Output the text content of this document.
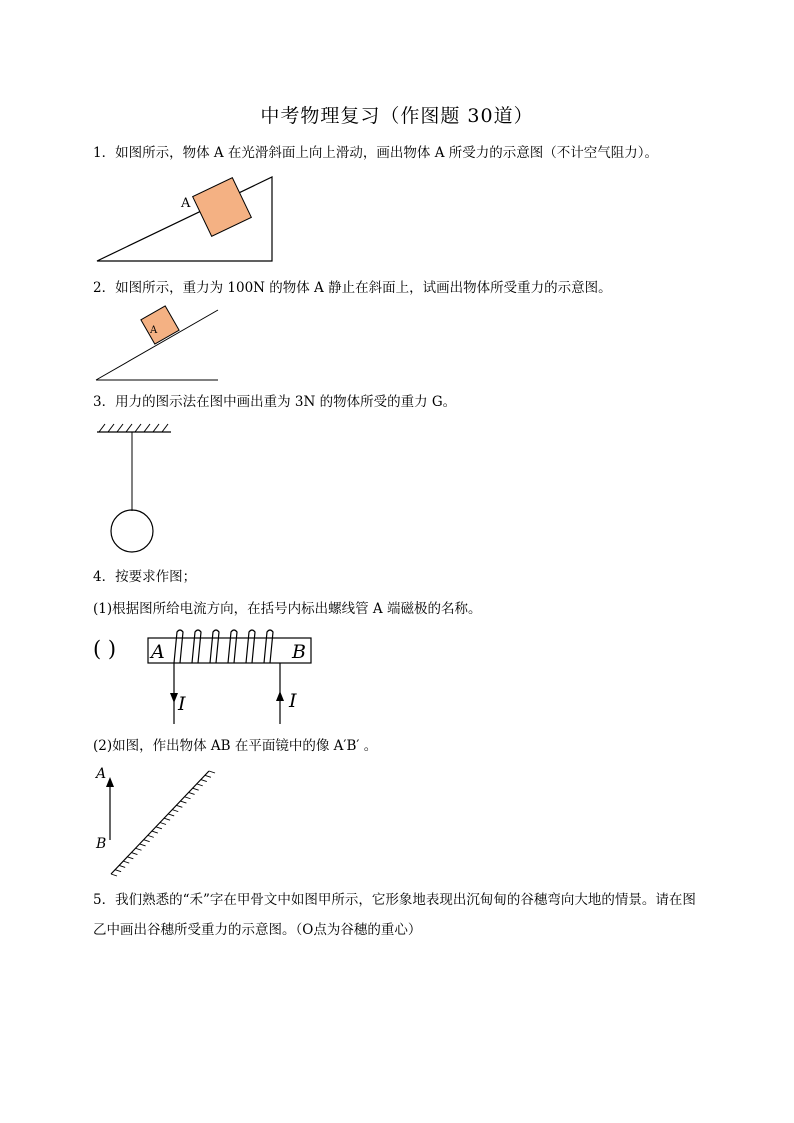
中考物理复习（作图题 30道）
1．如图所示，物体 A 在光滑斜面上向上滑动，画出物体 A 所受力的示意图（不计空气阻力）。
A
2．如图所示，重力为 100N 的物体 A 静止在斜面上，试画出物体所受重力的示意图。
A
3．用力的图示法在图中画出重为 3N 的物体所受的重力 G。
4．按要求作图；
(1)根据图所给电流方向，在括号内标出螺线管 A 端磁极的名称。
( ) A	B
I	I
(2)如图，作出物体 AB 在平面镜中的像 A′B′ 。
A
B
5．我们熟悉的“禾”字在甲骨文中如图甲所示，它形象地表现出沉甸甸的谷穗弯向大地的情景。请在图乙中画出谷穗所受重力的示意图。（O点为谷穗的重心）
